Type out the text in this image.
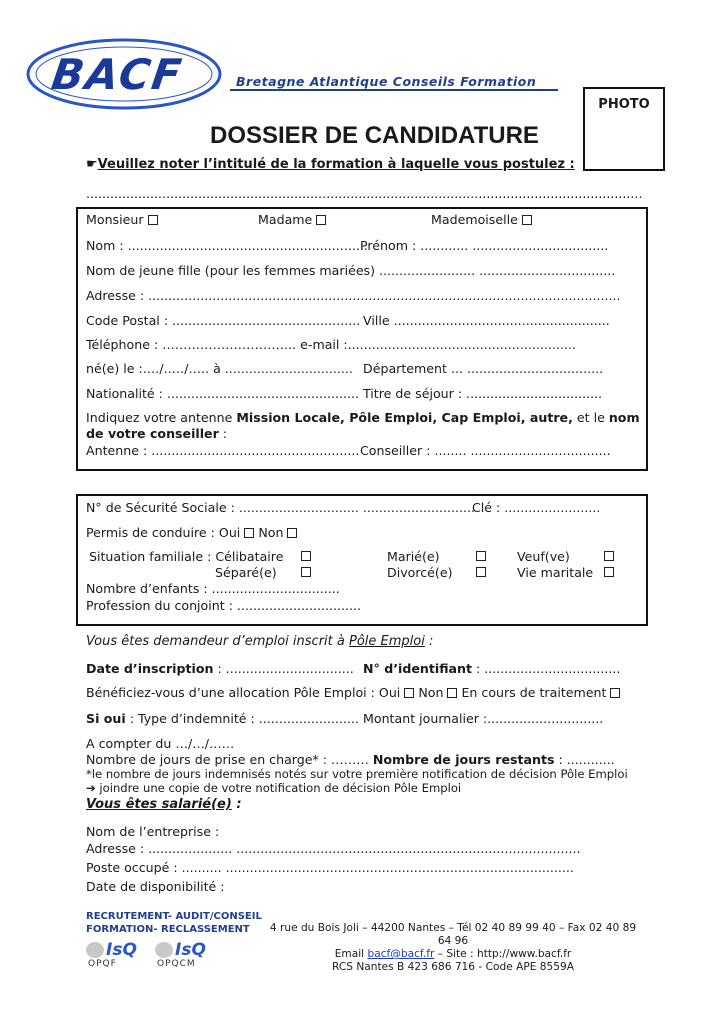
BACF	Bretagne Atlantique Conseils Formation
PHOTO
DOSSIER DE CANDIDATURE
☛Veuillez noter l’intitulé de la formation à laquelle vous postulez :
...........................................................................................................................................
Monsieur	Madame	Mademoiselle
Nom : ............................................................
Prénom : ............ ..................................
Nom de jeune fille (pour les femmes mariées) ........................ ..................................
Adresse : ......................................................................................................................
Code Postal : ............................................... Ville ......................................................
Téléphone : ………………………….. e-mail :.........................................................
né(e) le :.…/..…/….. à ................................ Département ... ..................................
Nationalité : ................................................ Titre de séjour : ..................................
Indiquez votre antenne Mission Locale, Pôle Emploi, Cap Emploi, autre, et le nom
de votre conseiller :
Antenne : .................................................... Conseiller : ........ ...................................
N° de Sécurité Sociale : .............................. ............................
Clé : ........................
Permis de conduire : Oui Non
Situation familiale : Célibataire	Marié(e)	Veuf(ve)
Séparé(e)	Divorcé(e)	Vie maritale
Nombre d’enfants : ................................
Profession du conjoint : ...............................
Vous êtes demandeur d’emploi inscrit à Pôle Emploi :
Date d’inscription : ................................ N° d’identifiant : ..................................
Bénéficiez-vous d’une allocation Pôle Emploi : Oui Non En cours de traitement
Si oui : Type d’indemnité : ......................... Montant journalier :.............................
A compter du …/…/……
Nombre de jours de prise en charge* : ……… Nombre de jours restants : ............
*le nombre de jours indemnisés notés sur votre première notification de décision Pôle Emploi
➔ joindre une copie de votre notification de décision Pôle Emploi
Vous êtes salarié(e) :
Nom de l’entreprise :
Adresse : ..................... ......................................................................................
Poste occupé : .......... .......................................................................................
Date de disponibilité :
RECRUTEMENT- AUDIT/CONSEIL
FORMATION- RECLASSEMENT
IsQ
OPQF
IsQ
OPQCM
4 rue du Bois Joli – 44200 Nantes – Tél 02 40 89 99 40 – Fax 02 40 89 64 96
Email bacf@bacf.fr – Site : http://www.bacf.fr
RCS Nantes B 423 686 716 - Code APE 8559A
